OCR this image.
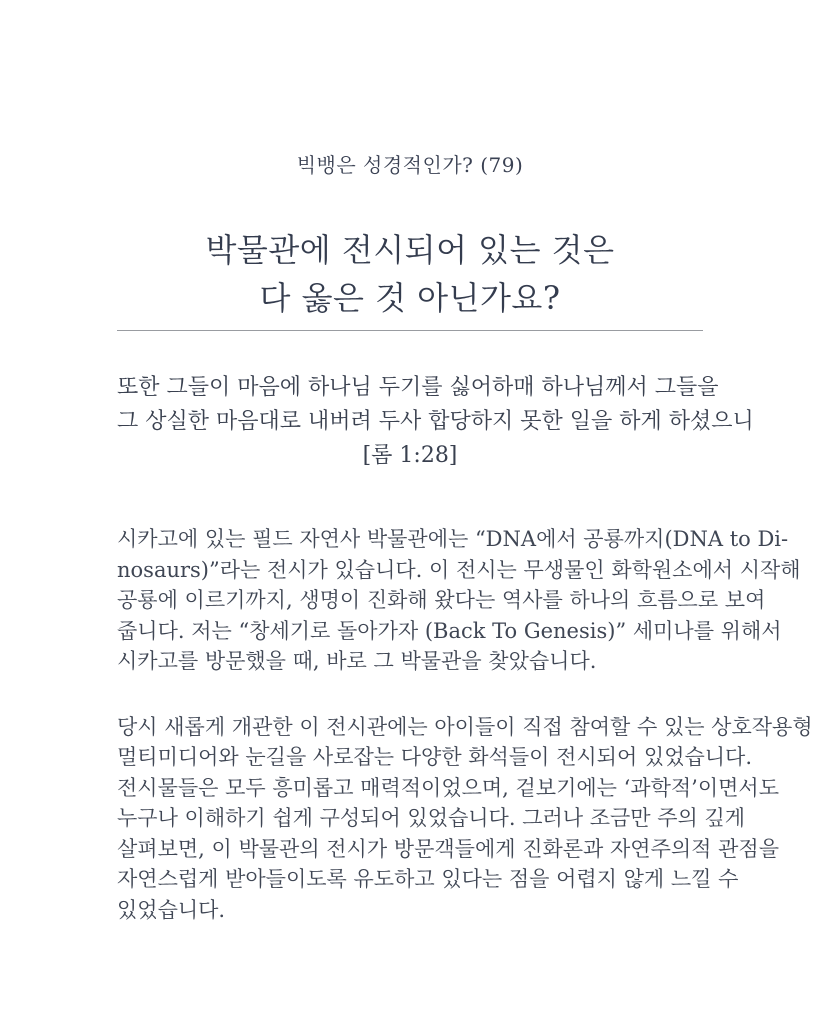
빅뱅은 성경적인가? (79)
박물관에 전시되어 있는 것은
다 옳은 것 아닌가요?
또한 그들이 마음에 하나님 두기를 싫어하매 하나님께서 그들을
그 상실한 마음대로 내버려 두사 합당하지 못한 일을 하게 하셨으니
[롬 1:28]
시카고에 있는 필드 자연사 박물관에는 “DNA에서 공룡까지(DNA to Di-
nosaurs)”라는 전시가 있습니다. 이 전시는 무생물인 화학원소에서 시작해
공룡에 이르기까지, 생명이 진화해 왔다는 역사를 하나의 흐름으로 보여
줍니다. 저는 “창세기로 돌아가자 (Back To Genesis)” 세미나를 위해서
시카고를 방문했을 때, 바로 그 박물관을 찾았습니다.
당시 새롭게 개관한 이 전시관에는 아이들이 직접 참여할 수 있는 상호작용형
멀티미디어와 눈길을 사로잡는 다양한 화석들이 전시되어 있었습니다.
전시물들은 모두 흥미롭고 매력적이었으며, 겉보기에는 ‘과학적’이면서도
누구나 이해하기 쉽게 구성되어 있었습니다. 그러나 조금만 주의 깊게
살펴보면, 이 박물관의 전시가 방문객들에게 진화론과 자연주의적 관점을
자연스럽게 받아들이도록 유도하고 있다는 점을 어렵지 않게 느낄 수
있었습니다.
